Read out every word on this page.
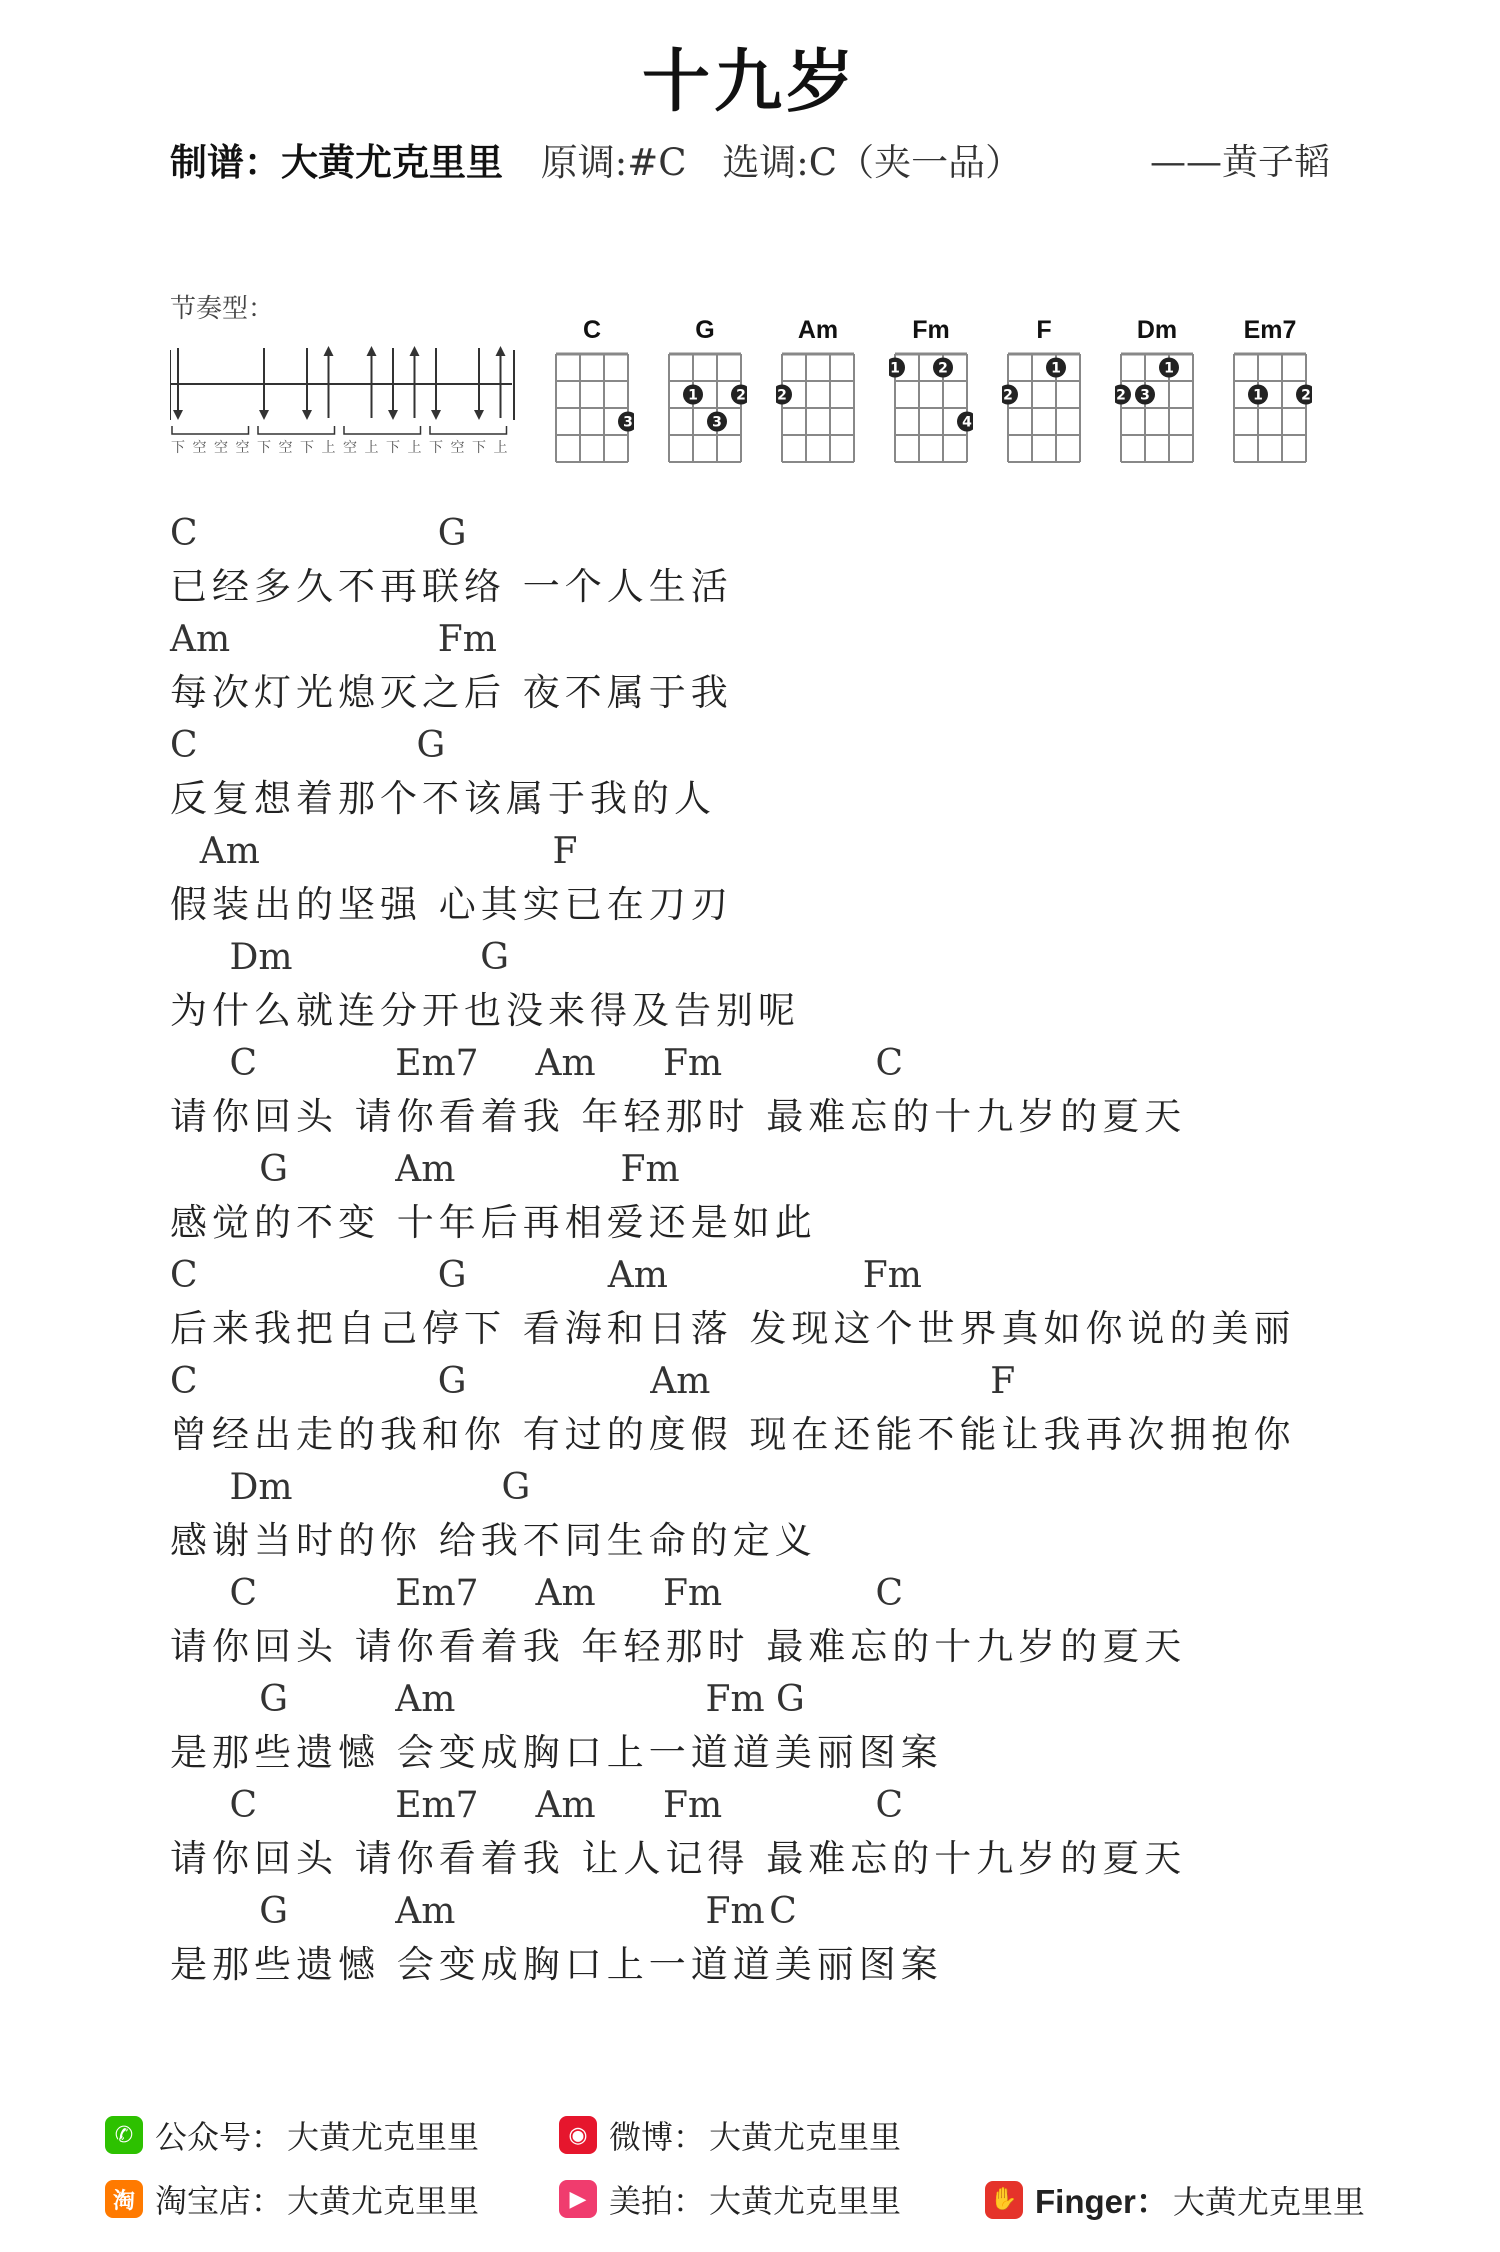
十九岁
制谱：大黄尤克里里 原调:#C 选调:C（夹一品）	——黄子韬
节奏型：
下 空 空 空 下 空 下 上 空 上 下 上 下 空 下 上
C
3
G
1	2
3
Am
2
Fm
1	2
4
F
2
1
Dm
2 3
1
Em7
1	2
C	G
已经多久不再联络 一个人生活
Am	Fm
每次灯光熄灭之后 夜不属于我
C	G
反复想着那个不该属于我的人
Am	F
假装出的坚强 心其实已在刀刃
Dm	G
为什么就连分开也没来得及告别呢
C	Em7 Am Fm	C
请你回头 请你看着我 年轻那时 最难忘的十九岁的夏天
G	Am	Fm
感觉的不变 十年后再相爱还是如此
C	G	Am	Fm
后来我把自己停下 看海和日落 发现这个世界真如你说的美丽
C	G	Am	F
曾经出走的我和你 有过的度假 现在还能不能让我再次拥抱你
Dm	G
感谢当时的你 给我不同生命的定义
C	Em7 Am Fm	C
请你回头 请你看着我 年轻那时 最难忘的十九岁的夏天
G	Am	Fm G
是那些遗憾 会变成胸口上一道道美丽图案
C	Em7 Am Fm	C
请你回头 请你看着我 让人记得 最难忘的十九岁的夏天
G	Am	Fm C
是那些遗憾 会变成胸口上一道道美丽图案
✆ 公众号： 大黄尤克里里	◉ 微博： 大黄尤克里里
淘 淘宝店： 大黄尤克里里	▶ 美拍： 大黄尤克里里	✋ Finger： 大黄尤克里里
